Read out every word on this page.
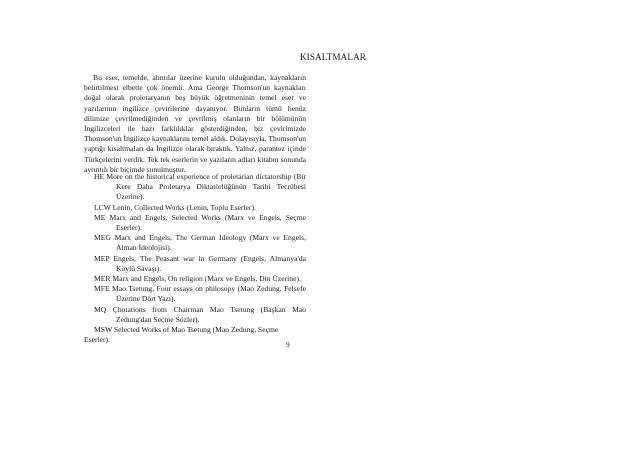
KISALTMALAR

Bu eser, temelde, alıntılar üzerine kurulu olduğundan, kaynakların belirtilmesi elbette çok önemli. Ama George Thomson'un kaynakları doğal olarak proletaryanın beş büyük öğretmeninin temel eser ve yazılarının ingilizce çevirilerine dayanıyor. Bunların tümü henüz dilimize çevrilmediğinden ve çevrilmiş olanların bir bölümünün İngilizceleri ile bazı farklılıklar gösterdiğinden, biz çevirimizde Thomson'un İngilizce kaynaklarını temel aldık. Dolayısıyla, Thomson'un yaptığı kısaltmaları da İngilizce olarak bıraktık. Yalnız, parantez içinde Türkçelerini verdik. Tek tek eserlerin ve yazıların adları kitabın sonunda ayrıntılı bir biçimde sunulmuştur.

HE More on the historical experience of proletarian dictatorship (Bir Kere Daha Proletarya Diktatörlüğünün Tarihi Tecrübesi Üzerine).
LCW Lenin, Collected Works (Lenin, Toplu Eserler).
ME Marx and Engels, Selected Works (Marx ve Engels, Seçme Eserler).
MEG Marx and Engels, The German Ideology (Marx ve Engels, Alman İdeolojisi).
MEP Engels, The Peasant war in Germany (Engels, Almanya'da Köylü Savaşı).
MER Marx and Engels, On religion (Marx ve Engels, Din Üzerine).
MFE Mao Tsetung, Four essays on philosopy (Mao Zedung, Felsefe Üzerine Dört Yazı).
MQ Çhotations from Chairman Mao Tsetung (Başkan Mao Zedung'dan Seçme Sözler).
MSW Selected Works of Mao Tsetung (Mao Zedung, Seçme
Eserler).
9
